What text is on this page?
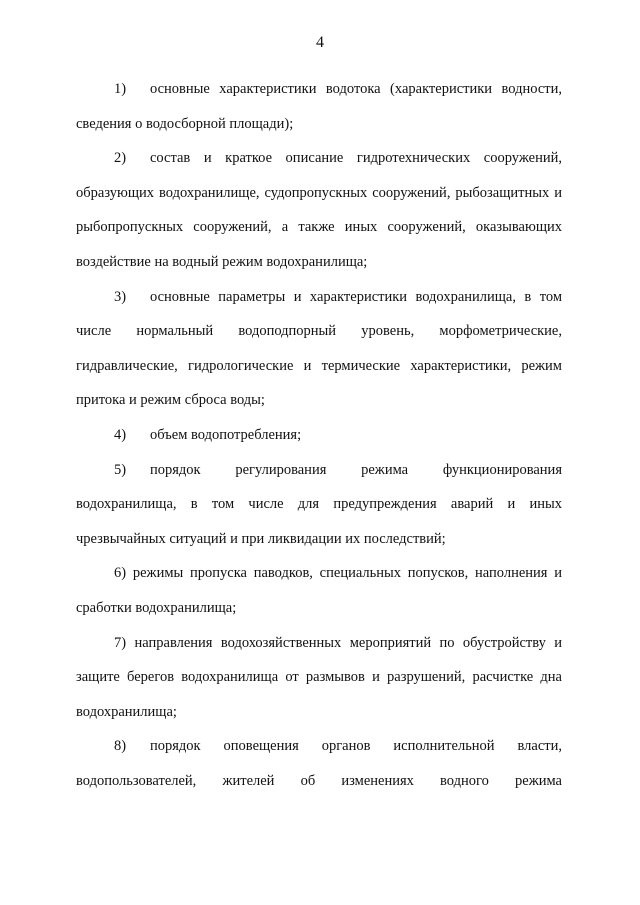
4

1) основные характеристики водотока (характеристики водности, сведения о водосборной площади);

2) состав и краткое описание гидротехнических сооружений, образующих водохранилище, судопропускных сооружений, рыбозащитных и рыбопропускных сооружений, а также иных сооружений, оказывающих воздействие на водный режим водохранилища;

3) основные параметры и характеристики водохранилища, в том числе нормальный водоподпорный уровень, морфометрические, гидравлические, гидрологические и термические характеристики, режим притока и режим сброса воды;

4) объем водопотребления;

5) порядок регулирования режима функционирования водохранилища, в том числе для предупреждения аварий и иных чрезвычайных ситуаций и при ликвидации их последствий;

6) режимы пропуска паводков, специальных попусков, наполнения и сработки водохранилища;

7) направления водохозяйственных мероприятий по обустройству и защите берегов водохранилища от размывов и разрушений, расчистке дна водохранилища;

8) порядок оповещения органов исполнительной власти, водопользователей, жителей об изменениях водного режима
